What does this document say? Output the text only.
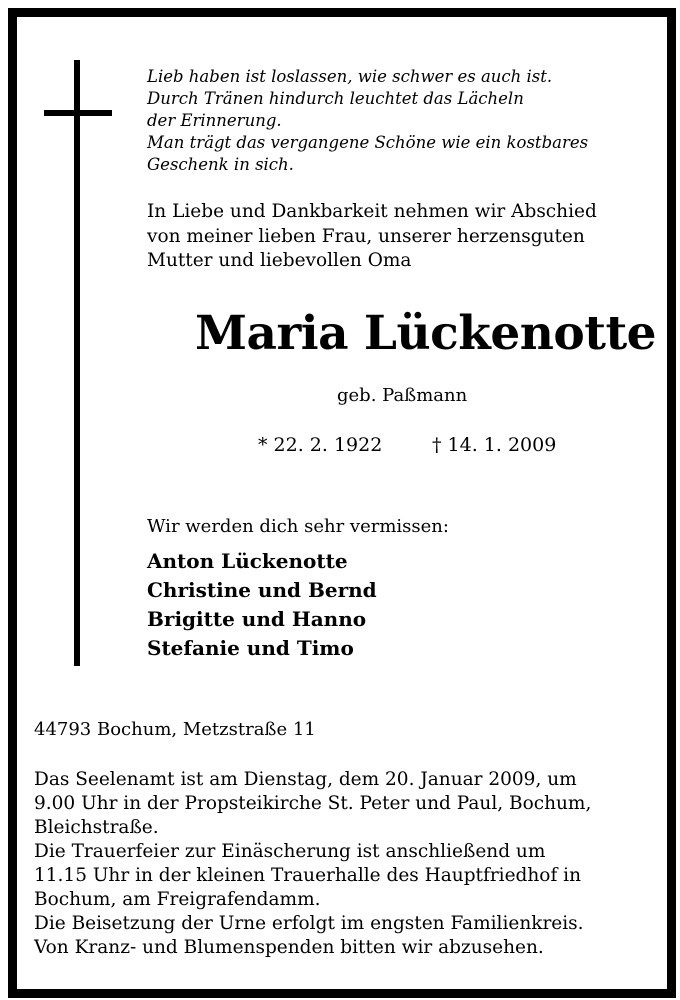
Lieb haben ist loslassen, wie schwer es auch ist.
Durch Tränen hindurch leuchtet das Lächeln
der Erinnerung.
Man trägt das vergangene Schöne wie ein kostbares
Geschenk in sich.
In Liebe und Dankbarkeit nehmen wir Abschied
von meiner lieben Frau, unserer herzensguten
Mutter und liebevollen Oma
Maria Lückenotte
geb. Paßmann
* 22. 2. 1922	† 14. 1. 2009
Wir werden dich sehr vermissen:
Anton Lückenotte
Christine und Bernd
Brigitte und Hanno
Stefanie und Timo
44793 Bochum, Metzstraße 11
Das Seelenamt ist am Dienstag, dem 20. Januar 2009, um
9.00 Uhr in der Propsteikirche St. Peter und Paul, Bochum,
Bleichstraße.
Die Trauerfeier zur Einäscherung ist anschließend um
11.15 Uhr in der kleinen Trauerhalle des Hauptfriedhof in
Bochum, am Freigrafendamm.
Die Beisetzung der Urne erfolgt im engsten Familienkreis.
Von Kranz- und Blumenspenden bitten wir abzusehen.
